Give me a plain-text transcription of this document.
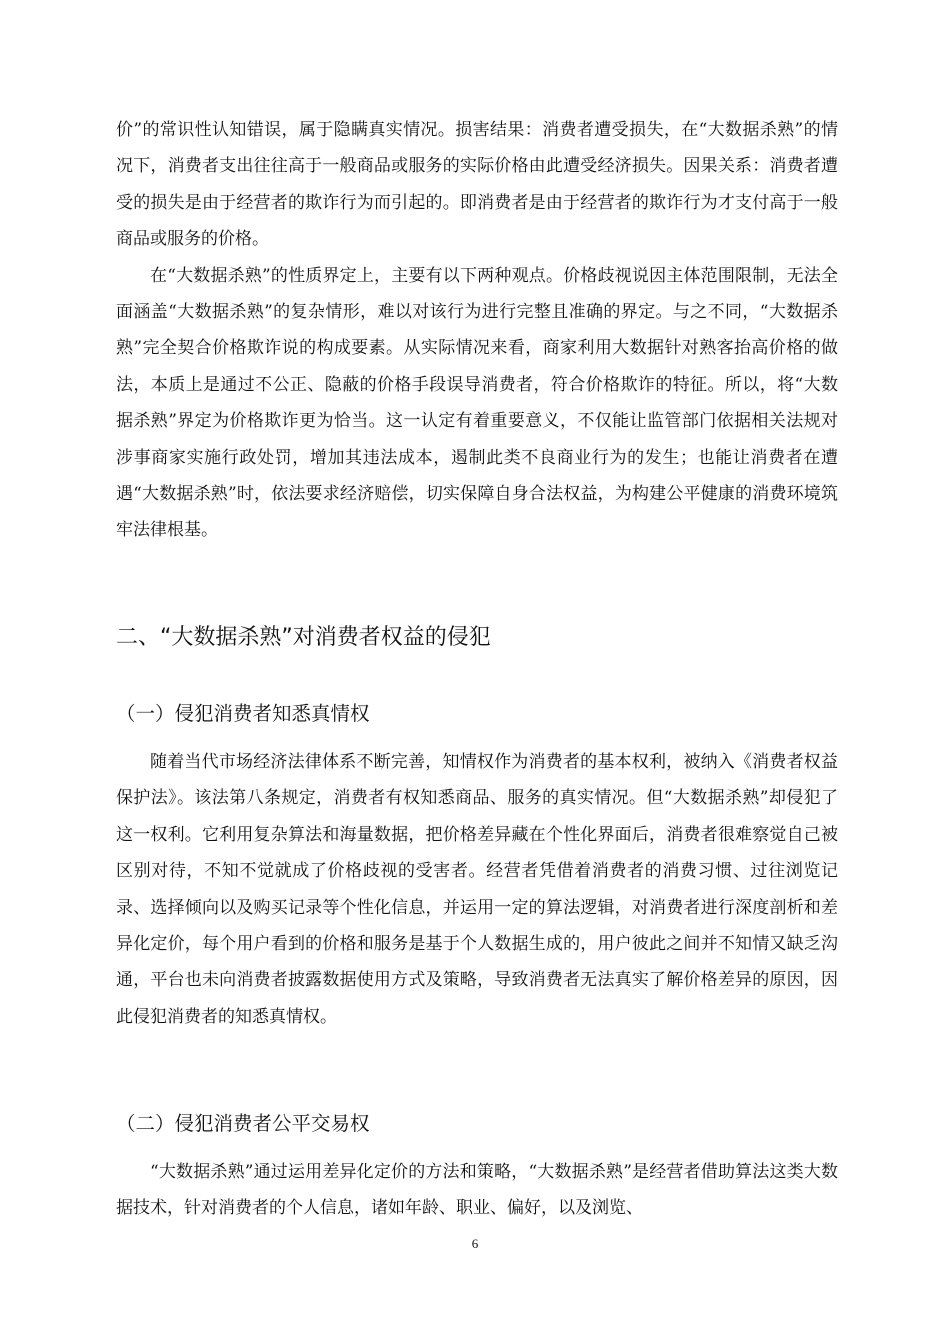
价”的常识性认知错误，属于隐瞒真实情况。损害结果：消费者遭受损失，在“大数据杀熟”的情况下，消费者支出往往高于一般商品或服务的实际价格由此遭受经济损失。因果关系：消费者遭受的损失是由于经营者的欺诈行为而引起的。即消费者是由于经营者的欺诈行为才支付高于一般商品或服务的价格。

在“大数据杀熟”的性质界定上，主要有以下两种观点。价格歧视说因主体范围限制，无法全面涵盖“大数据杀熟”的复杂情形，难以对该行为进行完整且准确的界定。与之不同，“大数据杀熟”完全契合价格欺诈说的构成要素。从实际情况来看，商家利用大数据针对熟客抬高价格的做法，本质上是通过不公正、隐蔽的价格手段误导消费者，符合价格欺诈的特征。所以，将“大数据杀熟”界定为价格欺诈更为恰当。这一认定有着重要意义，不仅能让监管部门依据相关法规对涉事商家实施行政处罚，增加其违法成本，遏制此类不良商业行为的发生；也能让消费者在遭遇“大数据杀熟”时，依法要求经济赔偿，切实保障自身合法权益，为构建公平健康的消费环境筑牢法律根基。

二、“大数据杀熟”对消费者权益的侵犯
（一）侵犯消费者知悉真情权

随着当代市场经济法律体系不断完善，知情权作为消费者的基本权利，被纳入《消费者权益保护法》。该法第八条规定，消费者有权知悉商品、服务的真实情况。但“大数据杀熟”却侵犯了这一权利。它利用复杂算法和海量数据，把价格差异藏在个性化界面后，消费者很难察觉自己被区别对待，不知不觉就成了价格歧视的受害者。经营者凭借着消费者的消费习惯、过往浏览记录、选择倾向以及购买记录等个性化信息，并运用一定的算法逻辑，对消费者进行深度剖析和差异化定价，每个用户看到的价格和服务是基于个人数据生成的，用户彼此之间并不知情又缺乏沟通，平台也未向消费者披露数据使用方式及策略，导致消费者无法真实了解价格差异的原因，因此侵犯消费者的知悉真情权。

（二）侵犯消费者公平交易权

“大数据杀熟”通过运用差异化定价的方法和策略，“大数据杀熟”是经营者借助算法这类大数据技术，针对消费者的个人信息，诸如年龄、职业、偏好，以及浏览、

6
